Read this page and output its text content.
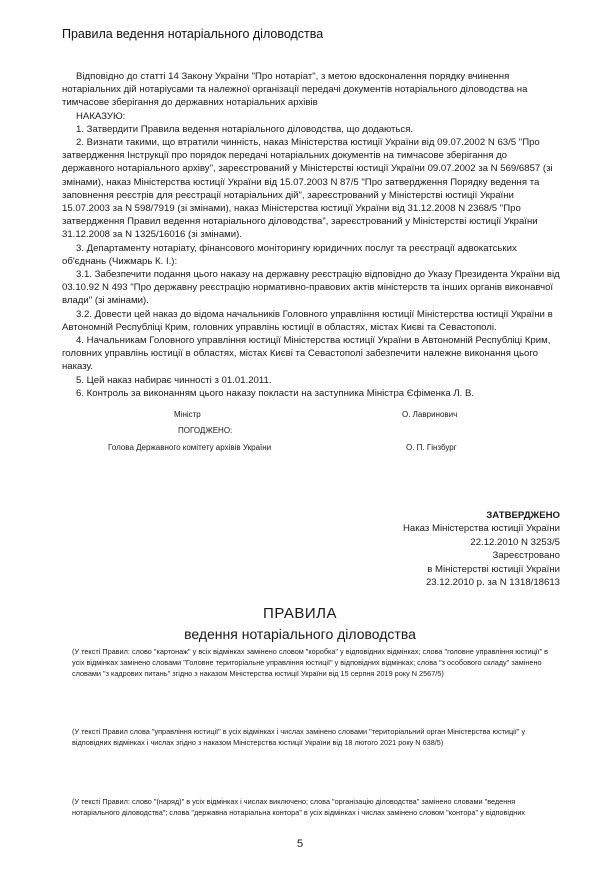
Правила ведення нотаріального діловодства

Відповідно до статті 14 Закону України "Про нотаріат", з метою вдосконалення порядку вчинення нотаріальних дій нотаріусами та належної організації передачі документів нотаріального діловодства на тимчасове зберігання до державних нотаріальних архівів

НАКАЗУЮ:

1. Затвердити Правила ведення нотаріального діловодства, що додаються.

2. Визнати такими, що втратили чинність, наказ Міністерства юстиції України від 09.07.2002 N 63/5 "Про затвердження Інструкції про порядок передачі нотаріальних документів на тимчасове зберігання до державного нотаріального архіву", зареєстрований у Міністерстві юстиції України 09.07.2002 за N 569/6857 (зі змінами), наказ Міністерства юстиції України від 15.07.2003 N 87/5 "Про затвердження Порядку ведення та заповнення реєстрів для реєстрації нотаріальних дій", зареєстрований у Міністерстві юстиції України 15.07.2003 за N 598/7919 (зі змінами), наказ Міністерства юстиції України від 31.12.2008 N 2368/5 "Про затвердження Правил ведення нотаріального діловодства", зареєстрований у Міністерстві юстиції України 31.12.2008 за N 1325/16016 (зі змінами).

3. Департаменту нотаріату, фінансового моніторингу юридичних послуг та реєстрації адвокатських об'єднань (Чижмарь К. І.):

3.1. Забезпечити подання цього наказу на державну реєстрацію відповідно до Указу Президента України від 03.10.92 N 493 "Про державну реєстрацію нормативно-правових актів міністерств та інших органів виконавчої влади" (зі змінами).

3.2. Довести цей наказ до відома начальників Головного управління юстиції Міністерства юстиції України в Автономній Республіці Крим, головних управлінь юстиції в областях, містах Києві та Севастополі.

4. Начальникам Головного управління юстиції Міністерства юстиції України в Автономній Республіці Крим, головних управлінь юстиції в областях, містах Києві та Севастополі забезпечити належне виконання цього наказу.

5. Цей наказ набирає чинності з 01.01.2011.

6. Контроль за виконанням цього наказу покласти на заступника Міністра Єфіменка Л. В.

Міністр	О. Лавринович
ПОГОДЖЕНО:
Голова Державного комітету архівів України	О. П. Гінзбург
ЗАТВЕРДЖЕНО
Наказ Міністерства юстиції України
22.12.2010 N 3253/5
Зареєстровано
в Міністерстві юстиції України
23.12.2010 р. за N 1318/18613
ПРАВИЛА
ведення нотаріального діловодства
(У тексті Правил: слово "картонаж" у всіх відмінках замінено словом "коробка" у відповідних відмінках; слова "головне управління юстиції" в усіх відмінках замінено словами "Головне територіальне управління юстиції" у відповідних відмінках; слова "з особового складу" замінено словами "з кадрових питань" згідно з наказом Міністерства юстиції України від 15 серпня 2019 року N 2567/5)
(У тексті Правил слова "управління юстиції" в усіх відмінках і числах замінено словами "територіальний орган Міністерства юстиції" у відповідних відмінках і числах згідно з наказом Міністерства юстиції України від 18 лютого 2021 року N 638/5)
(У тексті Правил: слово "(наряд)" в усіх відмінках і числах виключено; слова "організацію діловодства" замінено словами "ведення нотаріального діловодства"; слова "державна нотаріальна контора" в усіх відмінках і числах замінено словом "контора" у відповідних
5
